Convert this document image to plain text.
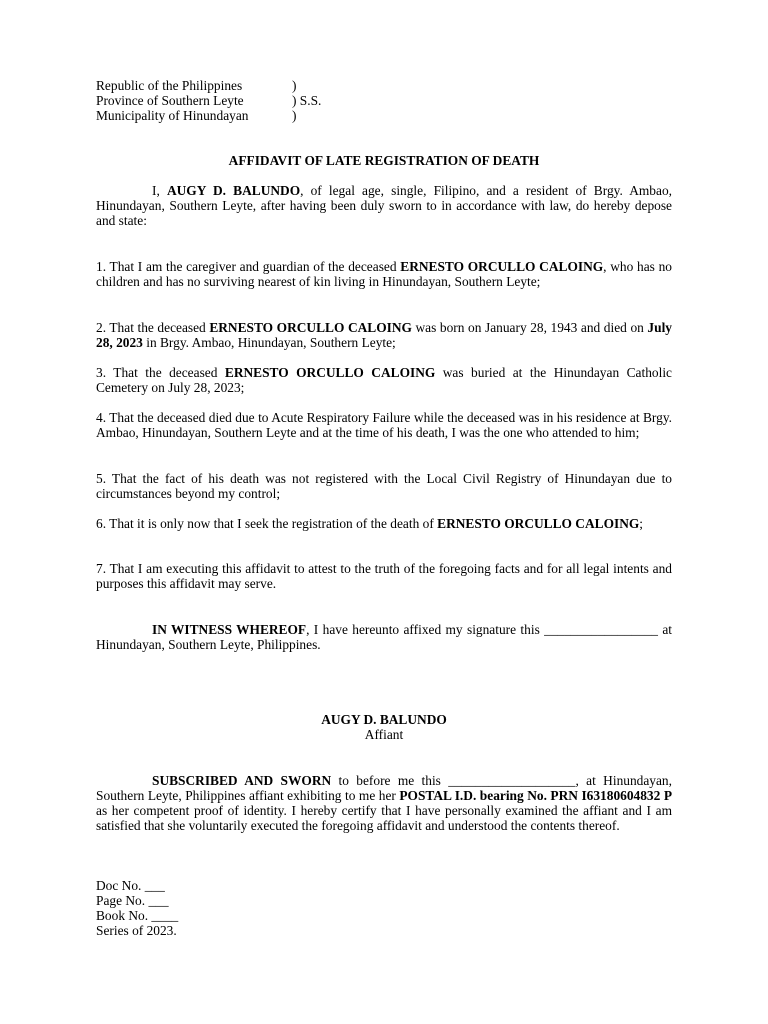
Republic of the Philippines	)
Province of Southern Leyte	) S.S.
Municipality of Hinundayan	)
AFFIDAVIT OF LATE REGISTRATION OF DEATH
I, AUGY D. BALUNDO, of legal age, single, Filipino, and a resident of Brgy. Ambao, Hinundayan, Southern Leyte, after having been duly sworn to in accordance with law, do hereby depose and state:
1. That I am the caregiver and guardian of the deceased ERNESTO ORCULLO CALOING, who has no children and has no surviving nearest of kin living in Hinundayan, Southern Leyte;
2. That the deceased ERNESTO ORCULLO CALOING was born on January 28, 1943 and died on July 28, 2023 in Brgy. Ambao, Hinundayan, Southern Leyte;
3. That the deceased ERNESTO ORCULLO CALOING was buried at the Hinundayan Catholic Cemetery on July 28, 2023;
4. That the deceased died due to Acute Respiratory Failure while the deceased was in his residence at Brgy. Ambao, Hinundayan, Southern Leyte and at the time of his death, I was the one who attended to him;
5. That the fact of his death was not registered with the Local Civil Registry of Hinundayan due to circumstances beyond my control;
6. That it is only now that I seek the registration of the death of ERNESTO ORCULLO CALOING;
7. That I am executing this affidavit to attest to the truth of the foregoing facts and for all legal intents and purposes this affidavit may serve.
IN WITNESS WHEREOF, I have hereunto affixed my signature this _________________ at Hinundayan, Southern Leyte, Philippines.
AUGY D. BALUNDO
Affiant
SUBSCRIBED AND SWORN to before me this ___________________, at Hinundayan, Southern Leyte, Philippines affiant exhibiting to me her POSTAL I.D. bearing No. PRN I63180604832 P as her competent proof of identity. I hereby certify that I have personally examined the affiant and I am satisfied that she voluntarily executed the foregoing affidavit and understood the contents thereof.
Doc No. ___
Page No. ___
Book No. ____
Series of 2023.
